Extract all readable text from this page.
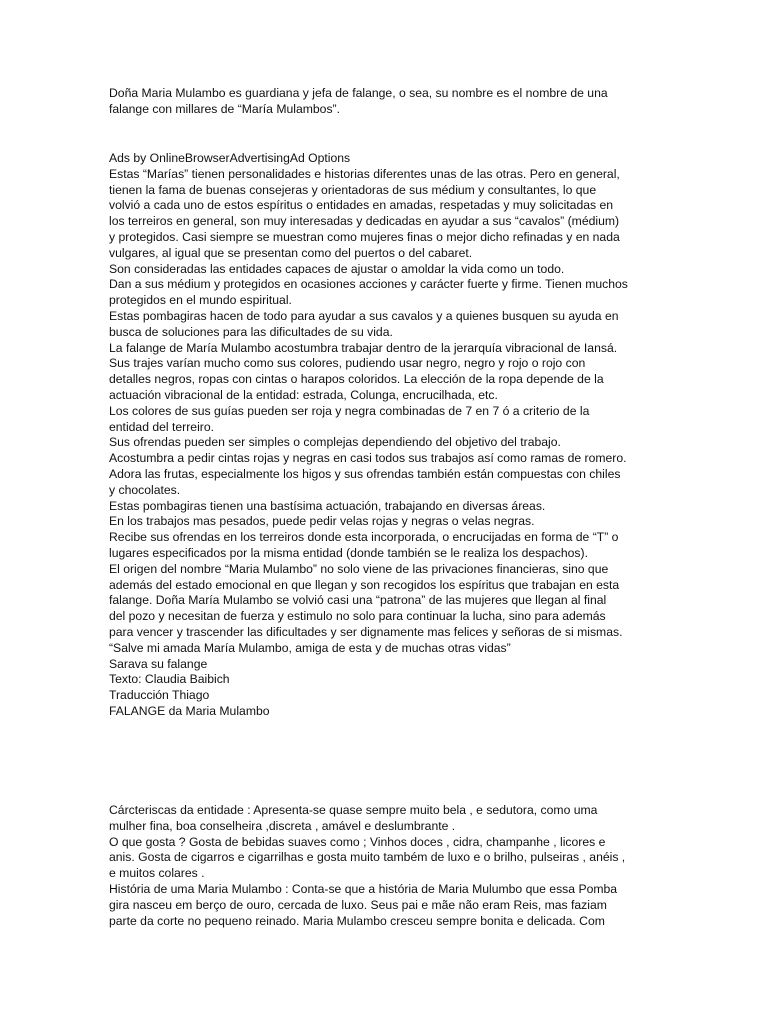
Doña Maria Mulambo es guardiana y jefa de falange, o sea, su nombre es el nombre de una
falange con millares de “María Mulambos”.
Ads by OnlineBrowserAdvertisingAd Options
Estas “Marías” tienen personalidades e historias diferentes unas de las otras. Pero en general,
tienen la fama de buenas consejeras y orientadoras de sus médium y consultantes, lo que
volvió a cada uno de estos espíritus o entidades en amadas, respetadas y muy solicitadas en
los terreiros en general, son muy interesadas y dedicadas en ayudar a sus “cavalos” (médium)
y protegidos. Casi siempre se muestran como mujeres finas o mejor dicho refinadas y en nada
vulgares, al igual que se presentan como del puertos o del cabaret.
Son consideradas las entidades capaces de ajustar o amoldar la vida como un todo.
Dan a sus médium y protegidos en ocasiones acciones y carácter fuerte y firme. Tienen muchos
protegidos en el mundo espiritual.
Estas pombagiras hacen de todo para ayudar a sus cavalos y a quienes busquen su ayuda en
busca de soluciones para las dificultades de su vida.
La falange de María Mulambo acostumbra trabajar dentro de la jerarquía vibracional de Iansá.
Sus trajes varían mucho como sus colores, pudiendo usar negro, negro y rojo o rojo con
detalles negros, ropas con cintas o harapos coloridos. La elección de la ropa depende de la
actuación vibracional de la entidad: estrada, Colunga, encrucilhada, etc.
Los colores de sus guías pueden ser roja y negra combinadas de 7 en 7 ó a criterio de la
entidad del terreiro.
Sus ofrendas pueden ser simples o complejas dependiendo del objetivo del trabajo.
Acostumbra a pedir cintas rojas y negras en casi todos sus trabajos así como ramas de romero.
Adora las frutas, especialmente los higos y sus ofrendas también están compuestas con chiles
y chocolates.
Estas pombagiras tienen una bastísima actuación, trabajando en diversas áreas.
En los trabajos mas pesados, puede pedir velas rojas y negras o velas negras.
Recibe sus ofrendas en los terreiros donde esta incorporada, o encrucijadas en forma de “T” o
lugares especificados por la misma entidad (donde también se le realiza los despachos).
El origen del nombre “Maria Mulambo” no solo viene de las privaciones financieras, sino que
además del estado emocional en que llegan y son recogidos los espíritus que trabajan en esta
falange. Doña María Mulambo se volvió casi una “patrona” de las mujeres que llegan al final
del pozo y necesitan de fuerza y estimulo no solo para continuar la lucha, sino para además
para vencer y trascender las dificultades y ser dignamente mas felices y señoras de si mismas.
“Salve mi amada María Mulambo, amiga de esta y de muchas otras vidas”
Sarava su falange
Texto: Claudia Baibich
Traducción Thiago
FALANGE da Maria Mulambo
Cárcteriscas da entidade : Apresenta-se quase sempre muito bela , e sedutora, como uma
mulher fina, boa conselheira ,discreta , amável e deslumbrante .
O que gosta ? Gosta de bebidas suaves como ; Vinhos doces , cidra, champanhe , licores e
anis. Gosta de cigarros e cigarrilhas e gosta muito também de luxo e o brilho, pulseiras , anéis ,
e muitos colares .
História de uma Maria Mulambo : Conta-se que a história de Maria Mulumbo que essa Pomba
gira nasceu em berço de ouro, cercada de luxo. Seus pai e mãe não eram Reis, mas faziam
parte da corte no pequeno reinado. Maria Mulambo cresceu sempre bonita e delicada. Com
